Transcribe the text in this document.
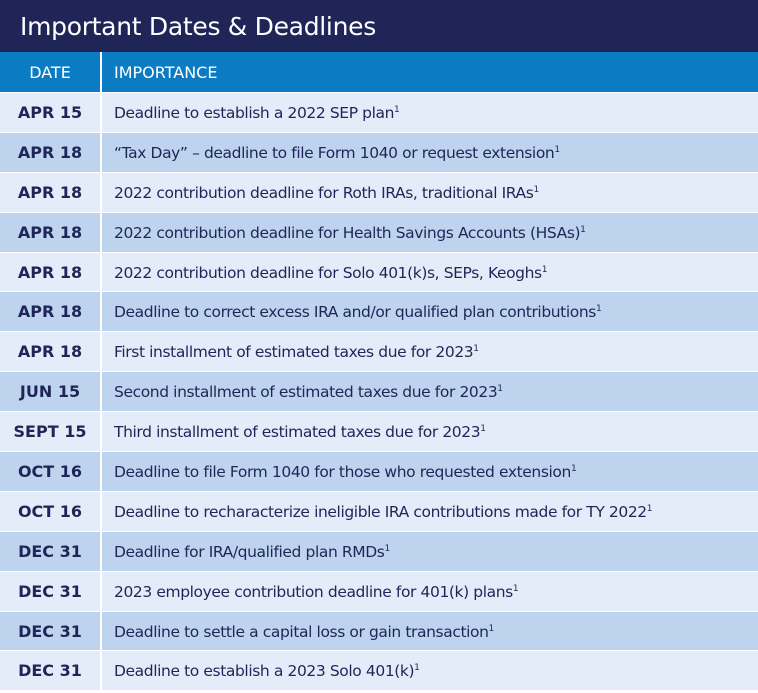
Important Dates & Deadlines
DATE	IMPORTANCE
APR 15	Deadline to establish a 2022 SEP plan$^1$
APR 18	“Tax Day” – deadline to file Form 1040 or request extension$^1$
APR 18	2022 contribution deadline for Roth IRAs, traditional IRAs$^1$
APR 18	2022 contribution deadline for Health Savings Accounts (HSAs)$^1$
APR 18	2022 contribution deadline for Solo 401(k)s, SEPs, Keoghs$^1$
APR 18	Deadline to correct excess IRA and/or qualified plan contributions$^1$
APR 18	First installment of estimated taxes due for 2023$^1$
JUN 15	Second installment of estimated taxes due for 2023$^1$
SEPT 15	Third installment of estimated taxes due for 2023$^1$
OCT 16	Deadline to file Form 1040 for those who requested extension$^1$
OCT 16	Deadline to recharacterize ineligible IRA contributions made for TY 2022$^1$
DEC 31	Deadline for IRA/qualified plan RMDs$^1$
DEC 31	2023 employee contribution deadline for 401(k) plans$^1$
DEC 31	Deadline to settle a capital loss or gain transaction$^1$
DEC 31	Deadline to establish a 2023 Solo $401(k)^1$
